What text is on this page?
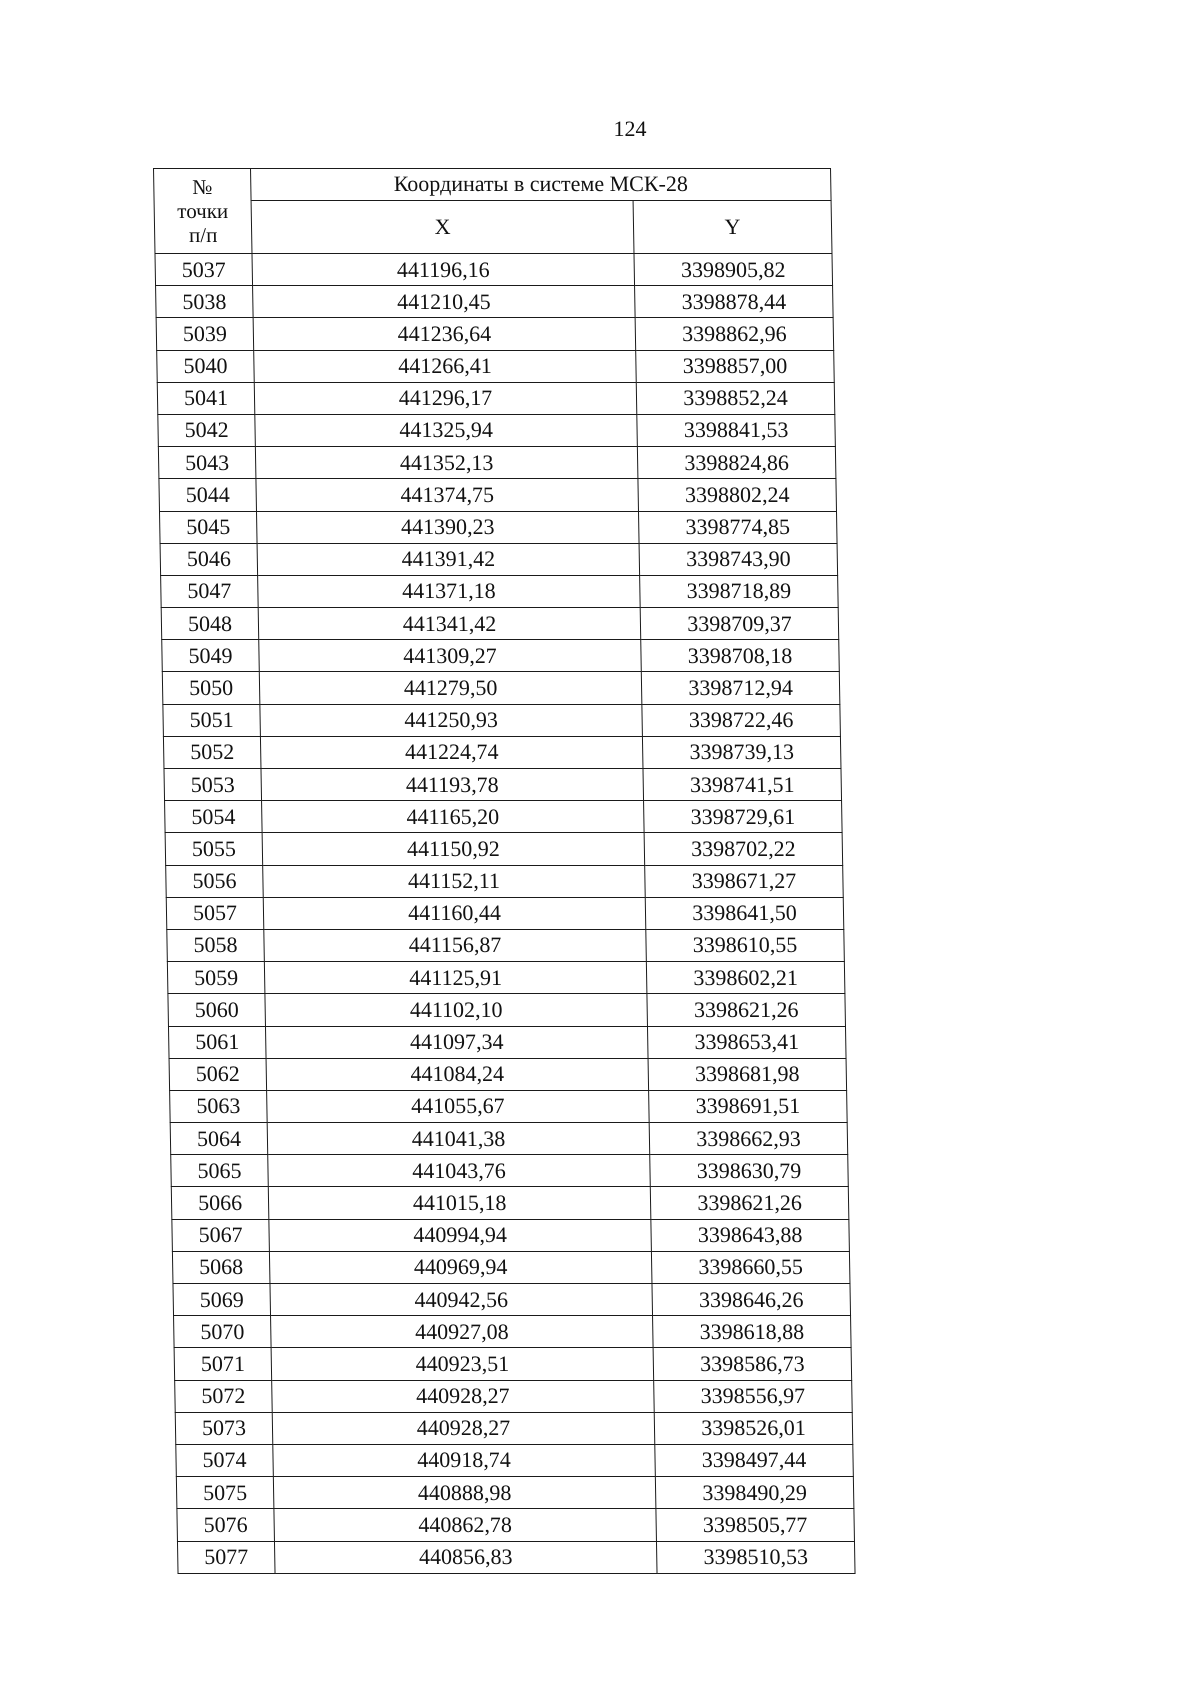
124
№
точки
п/п	Координаты в системе МСК-28	
	X	Y
5037	441196,16	3398905,82
5038	441210,45	3398878,44
5039	441236,64	3398862,96
5040	441266,41	3398857,00
5041	441296,17	3398852,24
5042	441325,94	3398841,53
5043	441352,13	3398824,86
5044	441374,75	3398802,24
5045	441390,23	3398774,85
5046	441391,42	3398743,90
5047	441371,18	3398718,89
5048	441341,42	3398709,37
5049	441309,27	3398708,18
5050	441279,50	3398712,94
5051	441250,93	3398722,46
5052	441224,74	3398739,13
5053	441193,78	3398741,51
5054	441165,20	3398729,61
5055	441150,92	3398702,22
5056	441152,11	3398671,27
5057	441160,44	3398641,50
5058	441156,87	3398610,55
5059	441125,91	3398602,21
5060	441102,10	3398621,26
5061	441097,34	3398653,41
5062	441084,24	3398681,98
5063	441055,67	3398691,51
5064	441041,38	3398662,93
5065	441043,76	3398630,79
5066	441015,18	3398621,26
5067	440994,94	3398643,88
5068	440969,94	3398660,55
5069	440942,56	3398646,26
5070	440927,08	3398618,88
5071	440923,51	3398586,73
5072	440928,27	3398556,97
5073	440928,27	3398526,01
5074	440918,74	3398497,44
5075	440888,98	3398490,29
5076	440862,78	3398505,77
5077	440856,83	3398510,53
